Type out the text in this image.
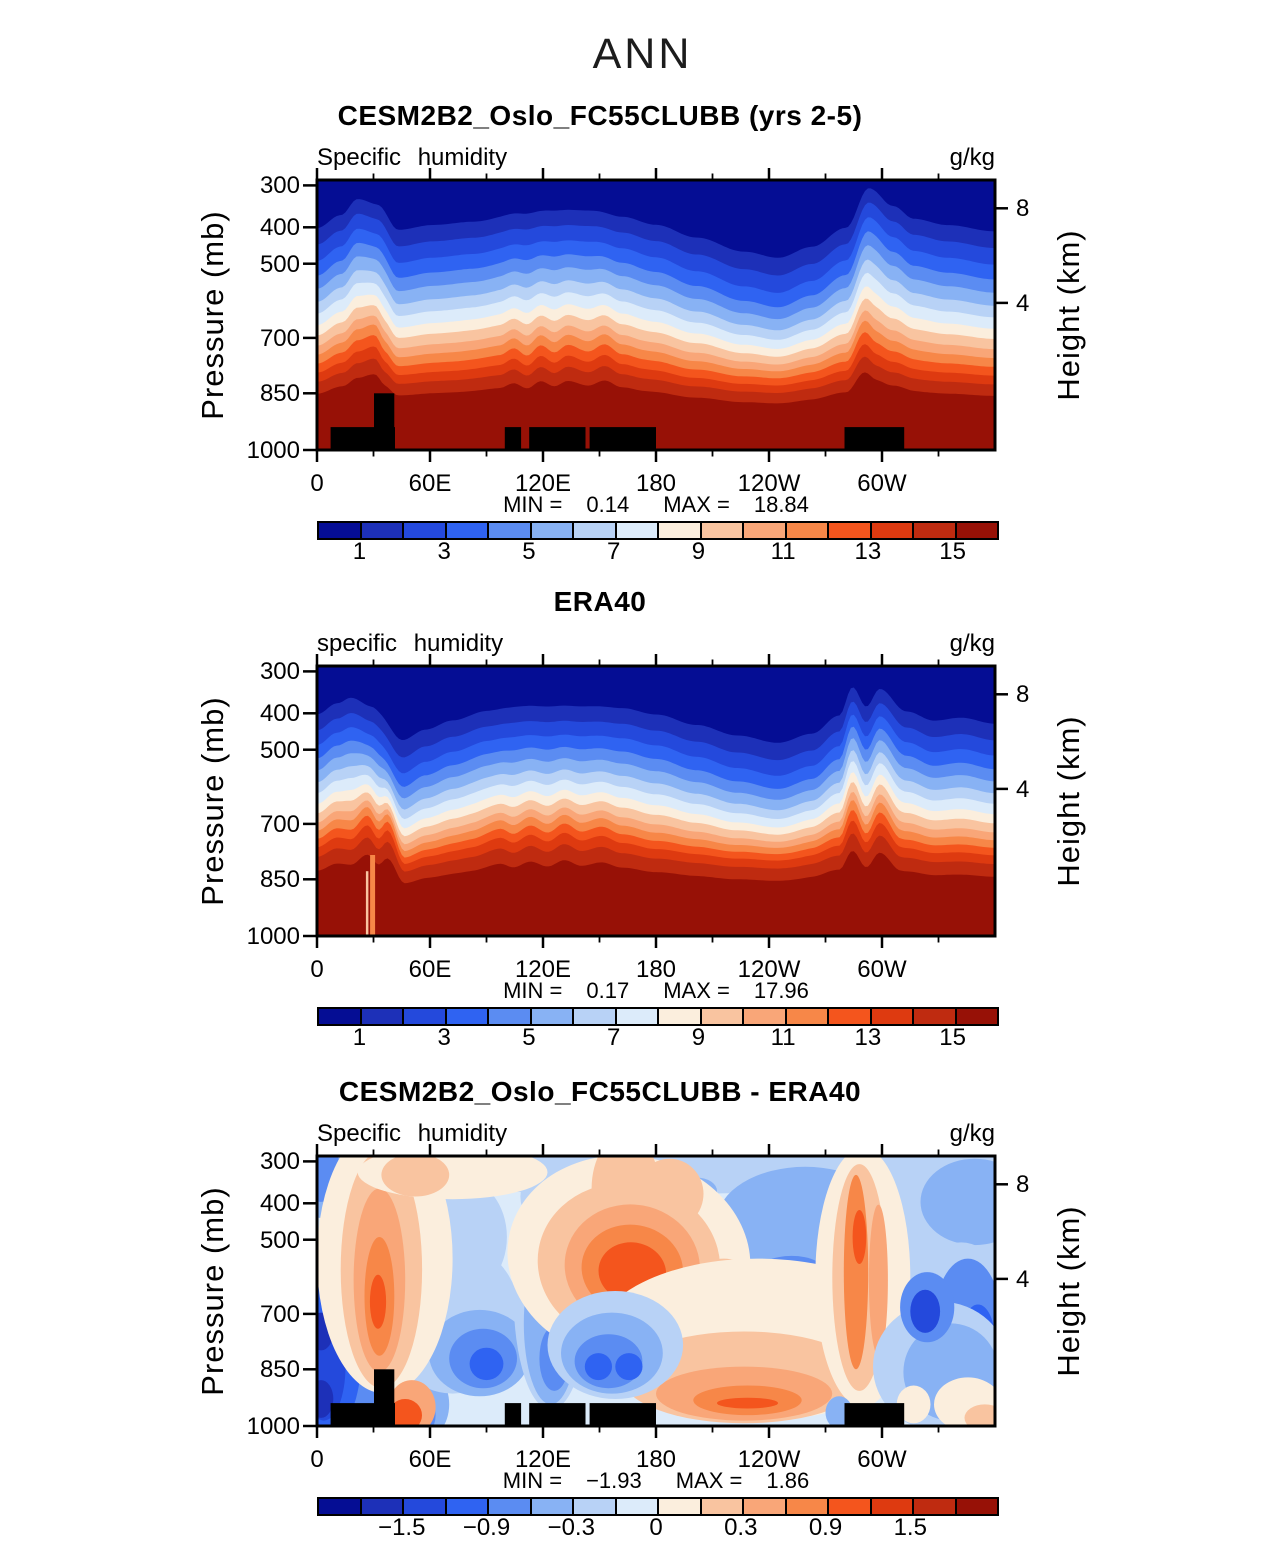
ANN
CESM2B2_Oslo_FC55CLUBB (yrs 2-5)
Specific humidity	g/kg
Pressure (mb)	Height (km)
MIN = 0.14 MAX = 18.84
1	3	5	7	9	11 13 15
0	60E	120E	180	120W 60W
300
400
500
700
850
1000
8
4
ERA40
specific humidity	g/kg
Pressure (mb)	Height (km)
MIN = 0.17 MAX = 17.96
1	3	5	7	9	11 13 15
0	60E	120E	180	120W 60W
300
400
500
700
850
1000
8
4
CESM2B2_Oslo_FC55CLUBB - ERA40
Specific humidity	g/kg
Pressure (mb)	Height (km)
MIN = −1.93 MAX = 1.86
−1.5 −0.9 −0.3 0	0.3 0.9 1.5
0	60E	120E	180	120W 60W
300
400
500
700
850
1000
8
4
